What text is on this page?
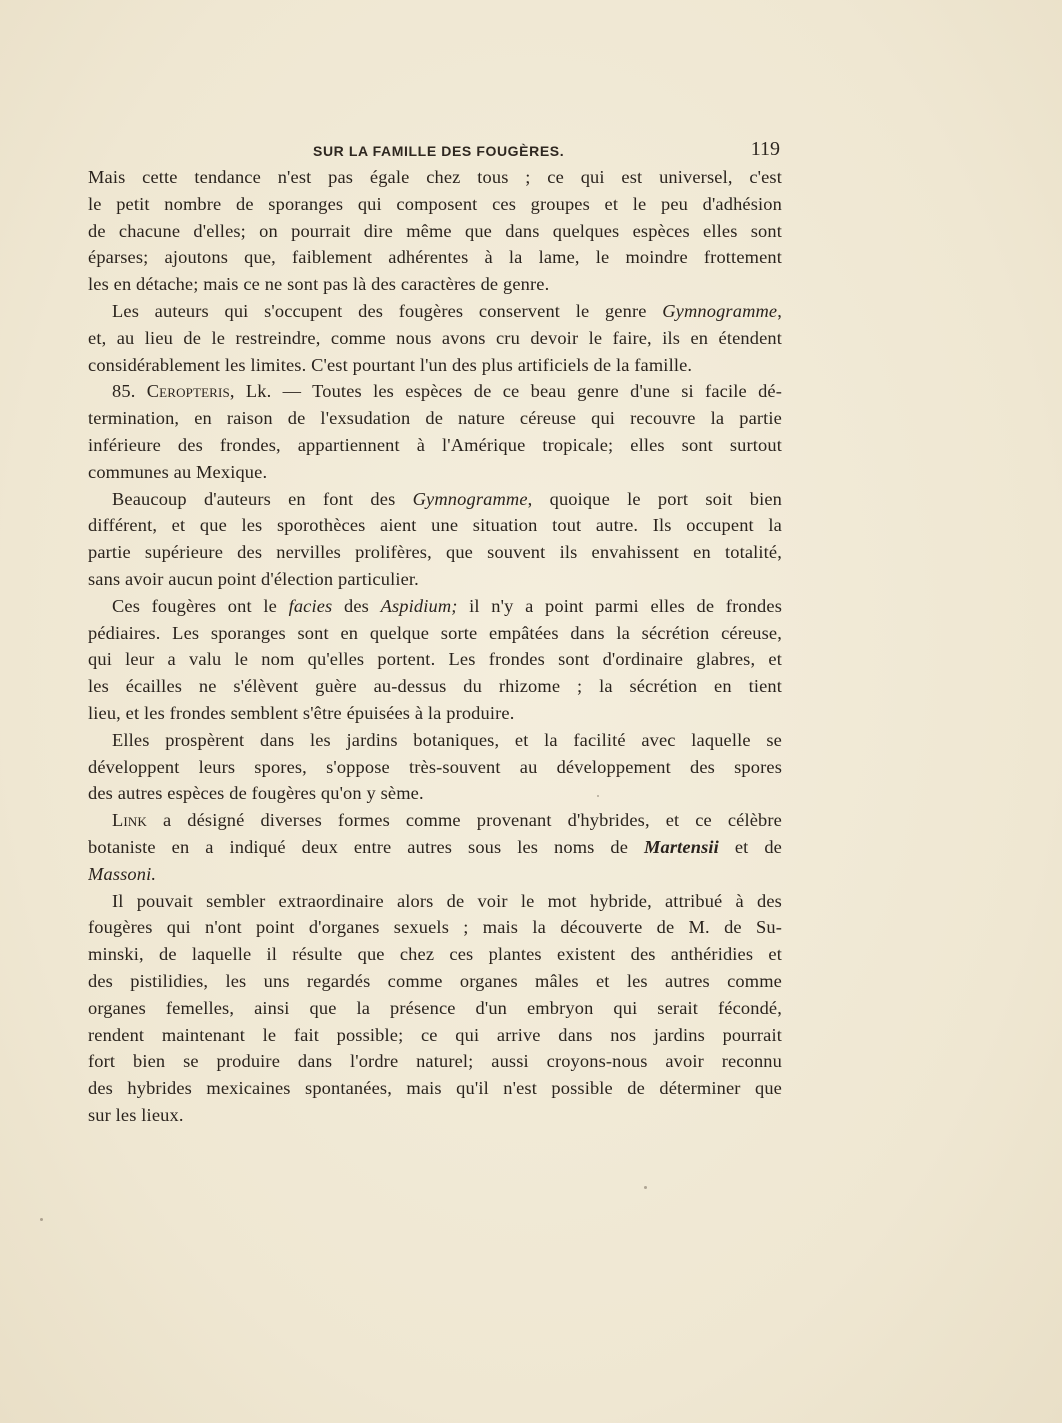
SUR LA FAMILLE DES FOUGÈRES.	119
Mais cette tendance n'est pas égale chez tous ; ce qui est universel, c'est
le petit nombre de sporanges qui composent ces groupes et le peu d'adhésion
de chacune d'elles; on pourrait dire même que dans quelques espèces elles sont
éparses; ajoutons que, faiblement adhérentes à la lame, le moindre frottement
les en détache; mais ce ne sont pas là des caractères de genre.
Les auteurs qui s'occupent des fougères conservent le genre Gymnogramme,
et, au lieu de le restreindre, comme nous avons cru devoir le faire, ils en étendent
considérablement les limites. C'est pourtant l'un des plus artificiels de la famille.
85. Ceropteris, Lk. — Toutes les espèces de ce beau genre d'une si facile dé-
termination, en raison de l'exsudation de nature céreuse qui recouvre la partie
inférieure des frondes, appartiennent à l'Amérique tropicale; elles sont surtout
communes au Mexique.
Beaucoup d'auteurs en font des Gymnogramme, quoique le port soit bien
différent, et que les sporothèces aient une situation tout autre. Ils occupent la
partie supérieure des nervilles prolifères, que souvent ils envahissent en totalité,
sans avoir aucun point d'élection particulier.
Ces fougères ont le facies des Aspidium; il n'y a point parmi elles de frondes
pédiaires. Les sporanges sont en quelque sorte empâtées dans la sécrétion céreuse,
qui leur a valu le nom qu'elles portent. Les frondes sont d'ordinaire glabres, et
les écailles ne s'élèvent guère au-dessus du rhizome ; la sécrétion en tient
lieu, et les frondes semblent s'être épuisées à la produire.
Elles prospèrent dans les jardins botaniques, et la facilité avec laquelle se
développent leurs spores, s'oppose très-souvent au développement des spores
des autres espèces de fougères qu'on y sème.
Link a désigné diverses formes comme provenant d'hybrides, et ce célèbre
botaniste en a indiqué deux entre autres sous les noms de Martensii et de
Massoni.
Il pouvait sembler extraordinaire alors de voir le mot hybride, attribué à des
fougères qui n'ont point d'organes sexuels ; mais la découverte de M. de Su-
minski, de laquelle il résulte que chez ces plantes existent des anthéridies et
des pistilidies, les uns regardés comme organes mâles et les autres comme
organes femelles, ainsi que la présence d'un embryon qui serait fécondé,
rendent maintenant le fait possible; ce qui arrive dans nos jardins pourrait
fort bien se produire dans l'ordre naturel; aussi croyons-nous avoir reconnu
des hybrides mexicaines spontanées, mais qu'il n'est possible de déterminer que
sur les lieux.
